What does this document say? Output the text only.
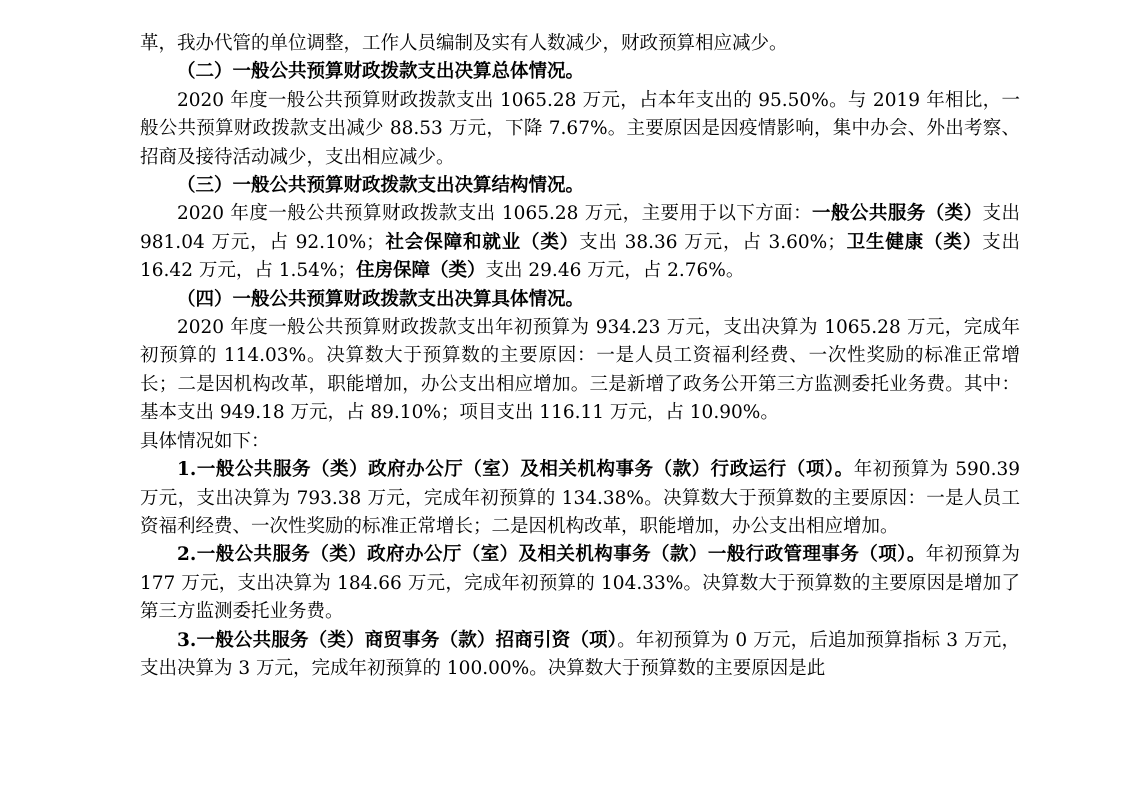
革，我办代管的单位调整，工作人员编制及实有人数减少，财政预算相应减少。

（二）一般公共预算财政拨款支出决算总体情况。

2020 年度一般公共预算财政拨款支出 1065.28 万元，占本年支出的 95.50%。与 2019 年相比，一般公共预算财政拨款支出减少 88.53 万元，下降 7.67%。主要原因是因疫情影响，集中办会、外出考察、招商及接待活动减少，支出相应减少。

（三）一般公共预算财政拨款支出决算结构情况。

2020 年度一般公共预算财政拨款支出 1065.28 万元，主要用于以下方面：一般公共服务（类）支出 981.04 万元，占 92.10%；社会保障和就业（类）支出 38.36 万元，占 3.60%；卫生健康（类）支出 16.42 万元，占 1.54%；住房保障（类）支出 29.46 万元，占 2.76%。

（四）一般公共预算财政拨款支出决算具体情况。

2020 年度一般公共预算财政拨款支出年初预算为 934.23 万元，支出决算为 1065.28 万元，完成年初预算的 114.03%。决算数大于预算数的主要原因：一是人员工资福利经费、一次性奖励的标准正常增长；二是因机构改革，职能增加，办公支出相应增加。三是新增了政务公开第三方监测委托业务费。其中：基本支出 949.18 万元，占 89.10%；项目支出 116.11 万元，占 10.90%。

具体情况如下：

1.一般公共服务（类）政府办公厅（室）及相关机构事务（款）行政运行（项）。年初预算为 590.39 万元，支出决算为 793.38 万元，完成年初预算的 134.38%。决算数大于预算数的主要原因：一是人员工资福利经费、一次性奖励的标准正常增长；二是因机构改革，职能增加，办公支出相应增加。

2.一般公共服务（类）政府办公厅（室）及相关机构事务（款）一般行政管理事务（项）。年初预算为 177 万元，支出决算为 184.66 万元，完成年初预算的 104.33%。决算数大于预算数的主要原因是增加了第三方监测委托业务费。

3.一般公共服务（类）商贸事务（款）招商引资（项）。年初预算为 0 万元，后追加预算指标 3 万元，支出决算为 3 万元，完成年初预算的 100.00%。决算数大于预算数的主要原因是此
